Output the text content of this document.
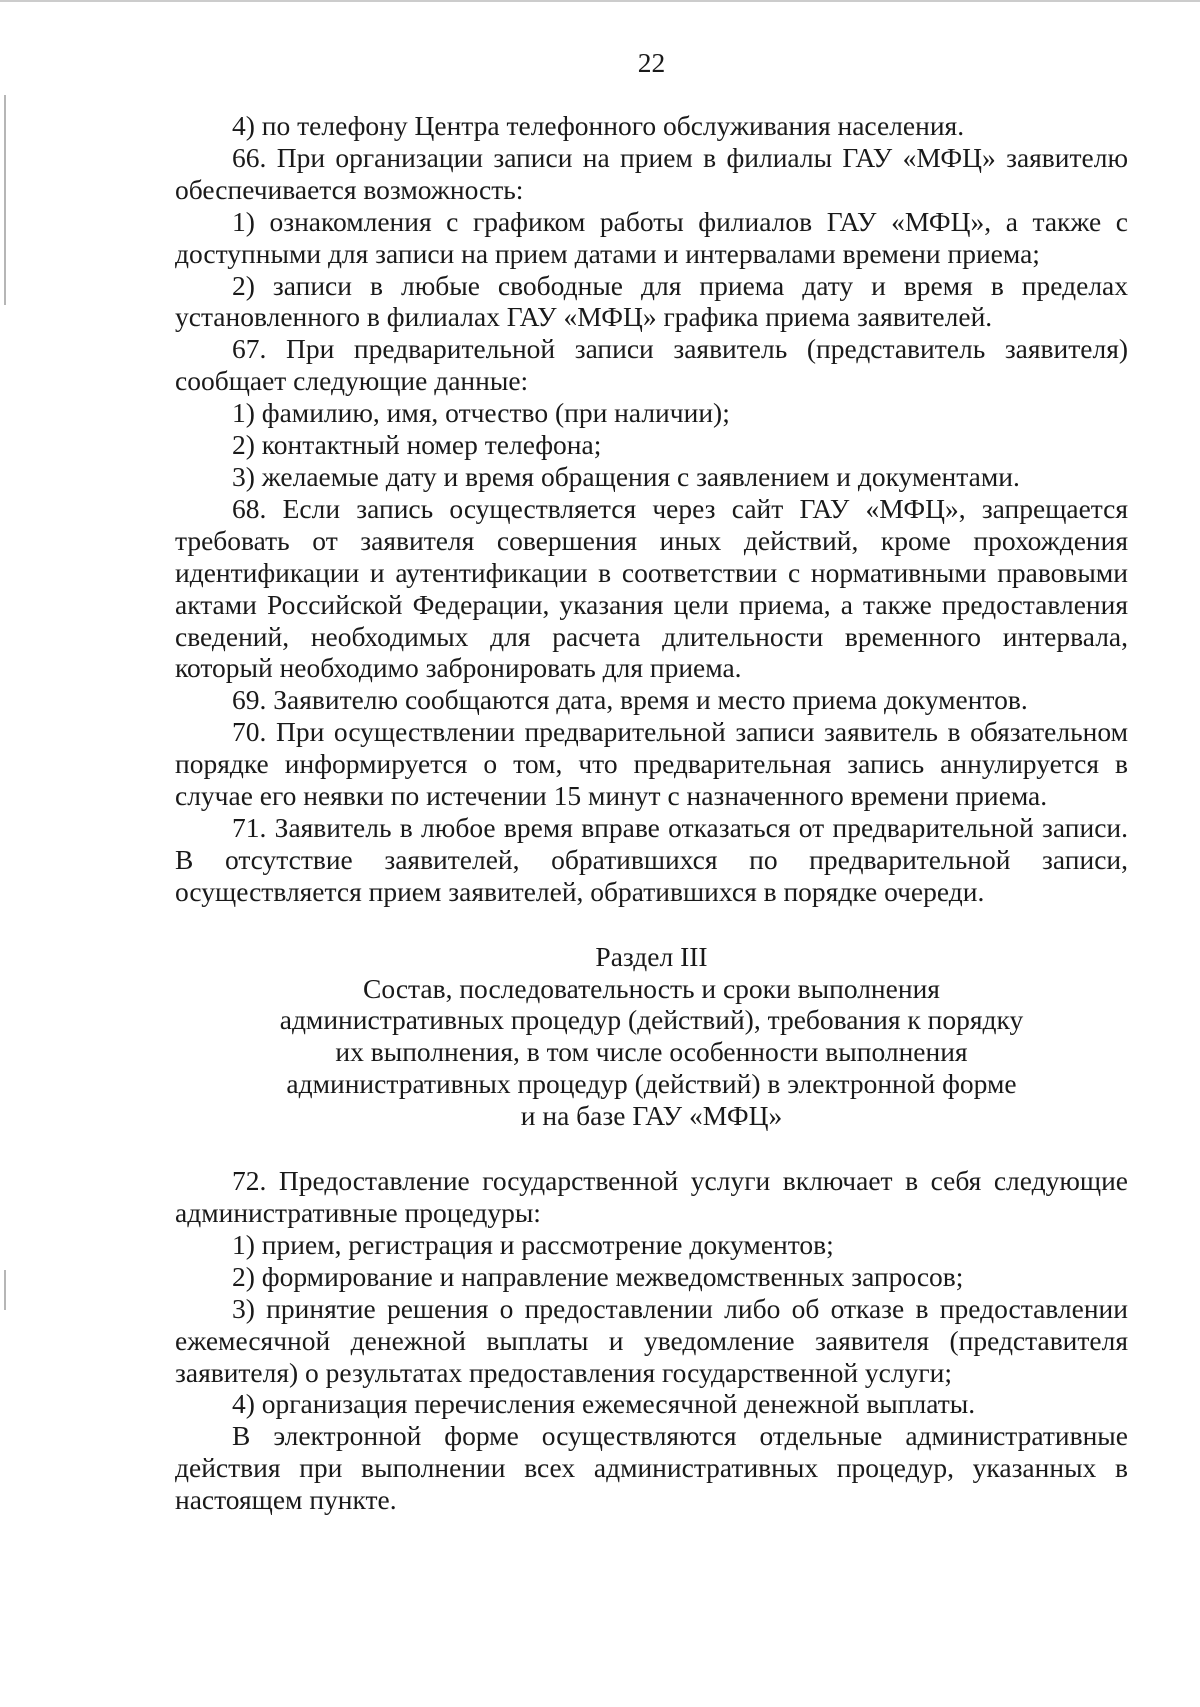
22

4) по телефону Центра телефонного обслуживания населения.

66. При организации записи на прием в филиалы ГАУ «МФЦ» заявителю обеспечивается возможность:

1) ознакомления с графиком работы филиалов ГАУ «МФЦ», а также с доступными для записи на прием датами и интервалами времени приема;

2) записи в любые свободные для приема дату и время в пределах установленного в филиалах ГАУ «МФЦ» графика приема заявителей.

67. При предварительной записи заявитель (представитель заявителя) сообщает следующие данные:

1) фамилию, имя, отчество (при наличии);

2) контактный номер телефона;

3) желаемые дату и время обращения с заявлением и документами.

68. Если запись осуществляется через сайт ГАУ «МФЦ», запрещается требовать от заявителя совершения иных действий, кроме прохождения идентификации и аутентификации в соответствии с нормативными правовыми актами Российской Федерации, указания цели приема, а также предоставления сведений, необходимых для расчета длительности временного интервала, который необходимо забронировать для приема.

69. Заявителю сообщаются дата, время и место приема документов.

70. При осуществлении предварительной записи заявитель в обязательном порядке информируется о том, что предварительная запись аннулируется в случае его неявки по истечении 15 минут с назначенного времени приема.

71. Заявитель в любое время вправе отказаться от предварительной записи. В отсутствие заявителей, обратившихся по предварительной записи, осуществляется прием заявителей, обратившихся в порядке очереди.

Раздел III
Состав, последовательность и сроки выполнения
административных процедур (действий), требования к порядку
их выполнения, в том числе особенности выполнения
административных процедур (действий) в электронной форме
и на базе ГАУ «МФЦ»

72. Предоставление государственной услуги включает в себя следующие административные процедуры:

1) прием, регистрация и рассмотрение документов;

2) формирование и направление межведомственных запросов;

3) принятие решения о предоставлении либо об отказе в предоставлении ежемесячной денежной выплаты и уведомление заявителя (представителя заявителя) о результатах предоставления государственной услуги;

4) организация перечисления ежемесячной денежной выплаты.

В электронной форме осуществляются отдельные административные действия при выполнении всех административных процедур, указанных в настоящем пункте.
